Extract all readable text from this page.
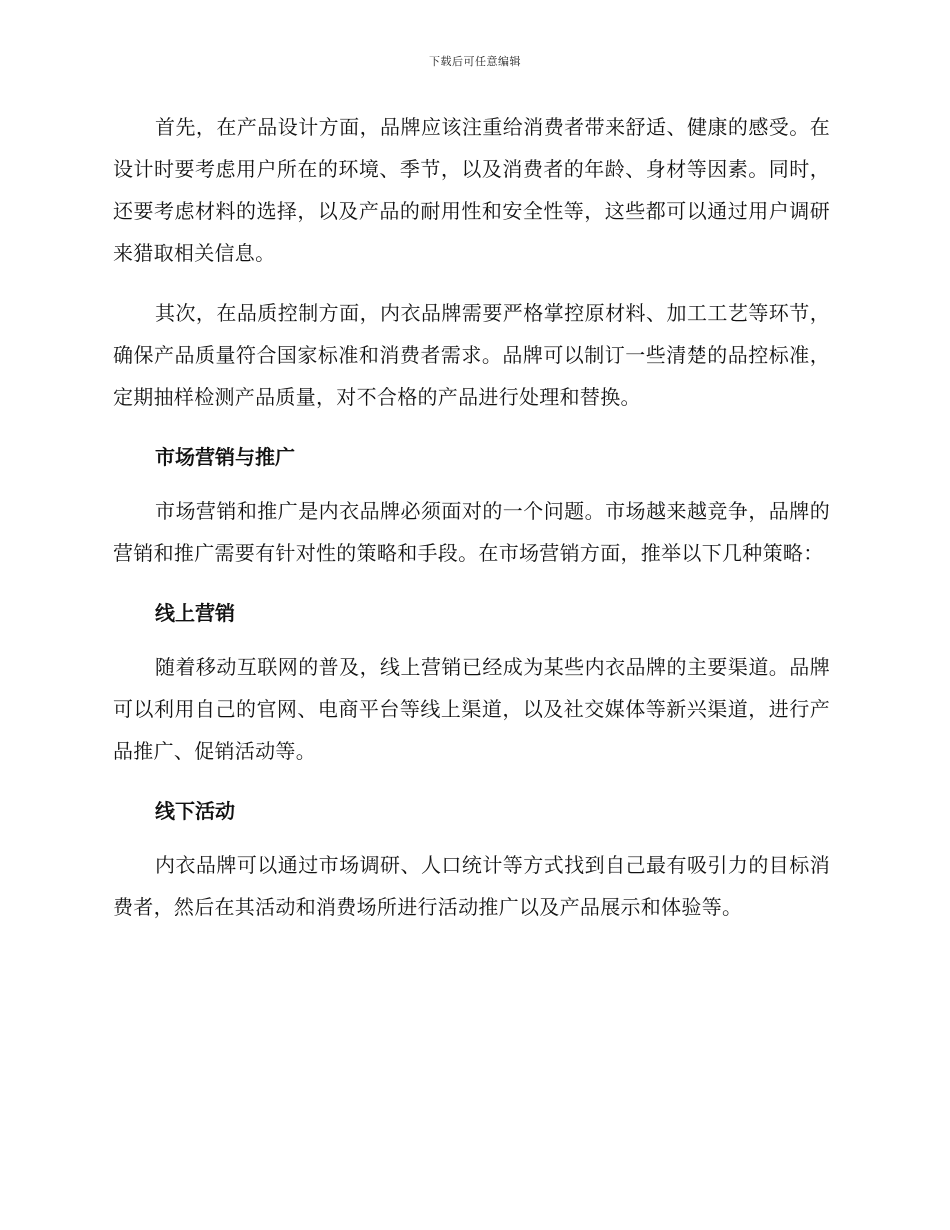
下载后可任意编辑

首先，在产品设计方面，品牌应该注重给消费者带来舒适、健康的感受。在设计时要考虑用户所在的环境、季节，以及消费者的年龄、身材等因素。同时，还要考虑材料的选择，以及产品的耐用性和安全性等，这些都可以通过用户调研来猎取相关信息。

其次，在品质控制方面，内衣品牌需要严格掌控原材料、加工工艺等环节，确保产品质量符合国家标准和消费者需求。品牌可以制订一些清楚的品控标准，定期抽样检测产品质量，对不合格的产品进行处理和替换。

市场营销与推广

市场营销和推广是内衣品牌必须面对的一个问题。市场越来越竞争，品牌的营销和推广需要有针对性的策略和手段。在市场营销方面，推举以下几种策略：

线上营销

随着移动互联网的普及，线上营销已经成为某些内衣品牌的主要渠道。品牌可以利用自己的官网、电商平台等线上渠道，以及社交媒体等新兴渠道，进行产品推广、促销活动等。

线下活动

内衣品牌可以通过市场调研、人口统计等方式找到自己最有吸引力的目标消费者，然后在其活动和消费场所进行活动推广以及产品展示和体验等。
